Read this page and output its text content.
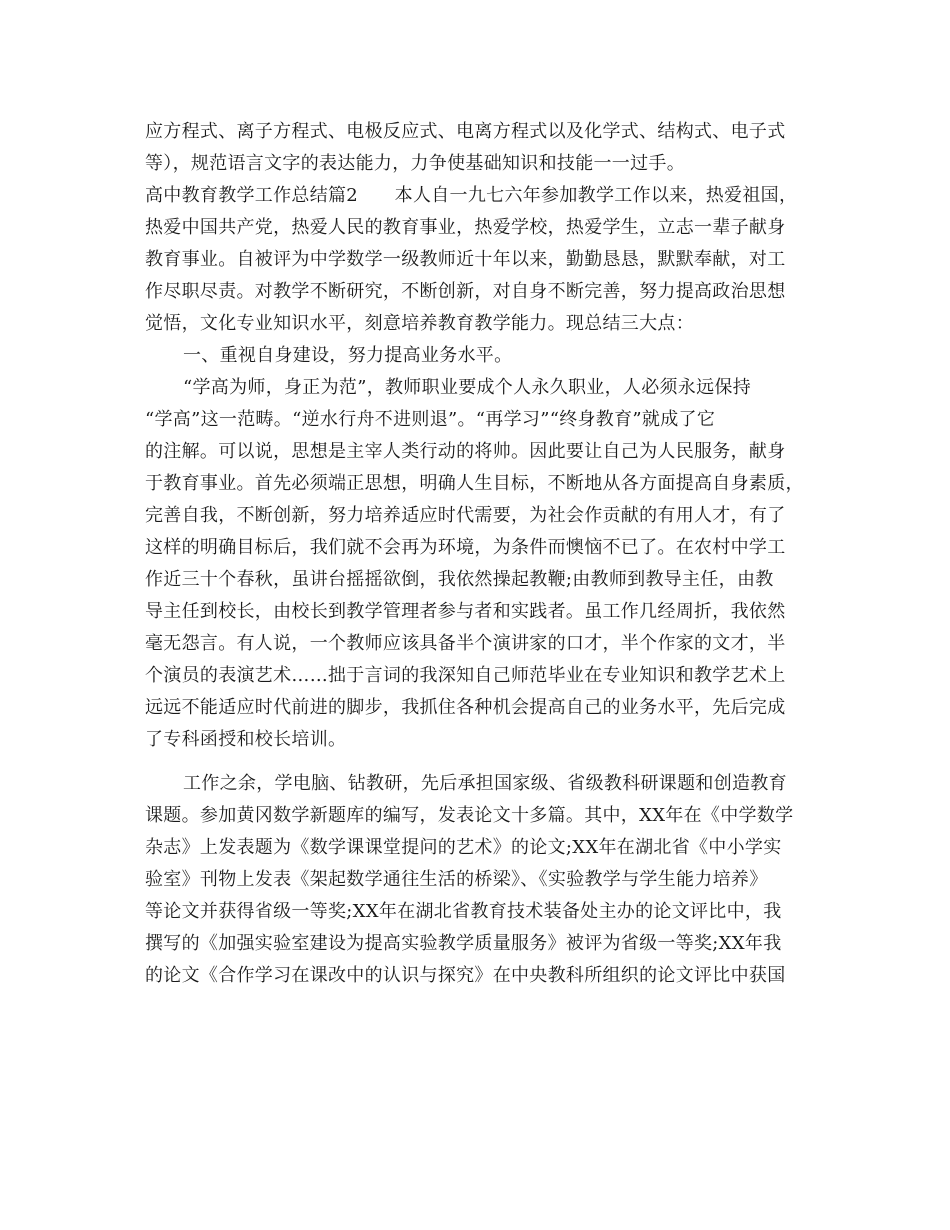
应方程式、离子方程式、电极反应式、电离方程式以及化学式、结构式、电子式
等），规范语言文字的表达能力，力争使基础知识和技能一一过手。
高中教育教学工作总结篇2　　本人自一九七六年参加教学工作以来，热爱祖国，
热爱中国共产党，热爱人民的教育事业，热爱学校，热爱学生，立志一辈子献身
教育事业。自被评为中学数学一级教师近十年以来，勤勤恳恳，默默奉献，对工
作尽职尽责。对教学不断研究，不断创新，对自身不断完善，努力提高政治思想
觉悟，文化专业知识水平，刻意培养教育教学能力。现总结三大点：
一、重视自身建设，努力提高业务水平。
“学高为师，身正为范”，教师职业要成个人永久职业，人必须永远保持
“学高”这一范畴。“逆水行舟不进则退”。“再学习”“终身教育”就成了它
的注解。可以说，思想是主宰人类行动的将帅。因此要让自己为人民服务，献身
于教育事业。首先必须端正思想，明确人生目标，不断地从各方面提高自身素质，
完善自我，不断创新，努力培养适应时代需要，为社会作贡献的有用人才，有了
这样的明确目标后，我们就不会再为环境，为条件而懊恼不已了。在农村中学工
作近三十个春秋，虽讲台摇摇欲倒，我依然操起教鞭;由教师到教导主任，由教
导主任到校长，由校长到教学管理者参与者和实践者。虽工作几经周折，我依然
毫无怨言。有人说，一个教师应该具备半个演讲家的口才，半个作家的文才，半
个演员的表演艺术……拙于言词的我深知自己师范毕业在专业知识和教学艺术上
远远不能适应时代前进的脚步，我抓住各种机会提高自己的业务水平，先后完成
了专科函授和校长培训。
工作之余，学电脑、钻教研，先后承担国家级、省级教科研课题和创造教育
课题。参加黄冈数学新题库的编写，发表论文十多篇。其中，XX年在《中学数学
杂志》上发表题为《数学课课堂提问的艺术》的论文;XX年在湖北省《中小学实
验室》刊物上发表《架起数学通往生活的桥梁》、《实验教学与学生能力培养》
等论文并获得省级一等奖;XX年在湖北省教育技术装备处主办的论文评比中，我
撰写的《加强实验室建设为提高实验教学质量服务》被评为省级一等奖;XX年我
的论文《合作学习在课改中的认识与探究》在中央教科所组织的论文评比中获国
